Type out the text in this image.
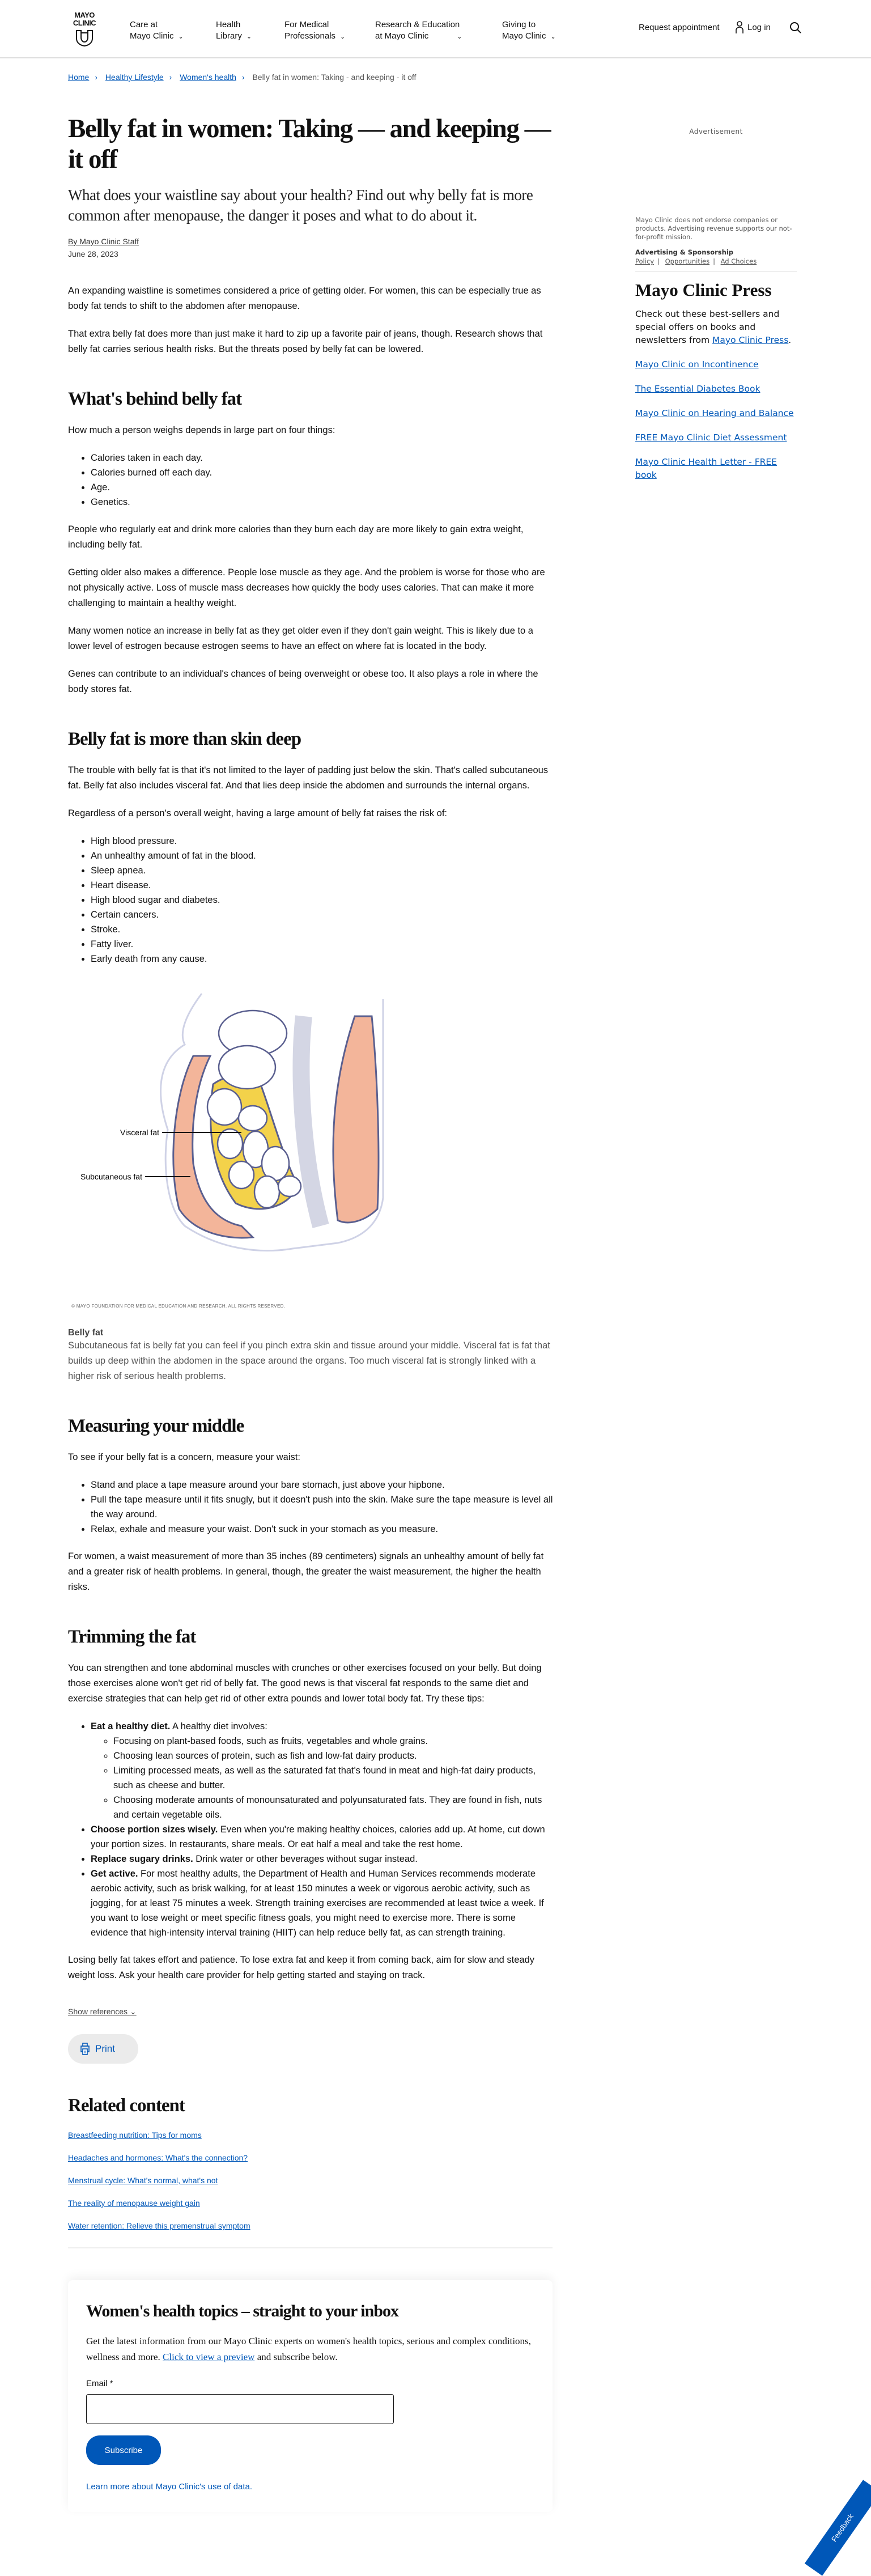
MAYO CLINIC	Care at
Mayo Clinic ⌄
Health
Library ⌄
For Medical
Professionals ⌄
Research & Education
at Mayo Clinic	⌄
Giving to
Mayo Clinic ⌄
Request appointment	Log in
Home › Healthy Lifestyle › Women's health › Belly fat in women: Taking - and keeping - it off
Belly fat in women: Taking — and keeping — it off
What does your waistline say about your health? Find out why belly fat is more common after menopause, the danger it poses and what to do about it.
By Mayo Clinic Staff
June 28, 2023

An expanding waistline is sometimes considered a price of getting older. For women, this can be especially true as body fat tends to shift to the abdomen after menopause.

That extra belly fat does more than just make it hard to zip up a favorite pair of jeans, though. Research shows that belly fat carries serious health risks. But the threats posed by belly fat can be lowered.

What's behind belly fat

How much a person weighs depends in large part on four things:

• Calories taken in each day.
• Calories burned off each day.
• Age.
• Genetics.

People who regularly eat and drink more calories than they burn each day are more likely to gain extra weight, including belly fat.

Getting older also makes a difference. People lose muscle as they age. And the problem is worse for those who are not physically active. Loss of muscle mass decreases how quickly the body uses calories. That can make it more challenging to maintain a healthy weight.

Many women notice an increase in belly fat as they get older even if they don't gain weight. This is likely due to a lower level of estrogen because estrogen seems to have an effect on where fat is located in the body.

Genes can contribute to an individual's chances of being overweight or obese too. It also plays a role in where the body stores fat.

Belly fat is more than skin deep

The trouble with belly fat is that it's not limited to the layer of padding just below the skin. That's called subcutaneous fat. Belly fat also includes visceral fat. And that lies deep inside the abdomen and surrounds the internal organs.

Regardless of a person's overall weight, having a large amount of belly fat raises the risk of:

• High blood pressure.
• An unhealthy amount of fat in the blood.
• Sleep apnea.
• Heart disease.
• High blood sugar and diabetes.
• Certain cancers.
• Stroke.
• Fatty liver.
• Early death from any cause.
Visceral fat
Subcutaneous fat
© MAYO FOUNDATION FOR MEDICAL EDUCATION AND RESEARCH. ALL RIGHTS RESERVED.
Belly fat

Subcutaneous fat is belly fat you can feel if you pinch extra skin and tissue around your middle. Visceral fat is fat that builds up deep within the abdomen in the space around the organs. Too much visceral fat is strongly linked with a higher risk of serious health problems.

Measuring your middle

To see if your belly fat is a concern, measure your waist:

• Stand and place a tape measure around your bare stomach, just above your hipbone.
• Pull the tape measure until it fits snugly, but it doesn't push into the skin. Make sure the tape measure is level all the way around.
• Relax, exhale and measure your waist. Don't suck in your stomach as you measure.

For women, a waist measurement of more than 35 inches (89 centimeters) signals an unhealthy amount of belly fat and a greater risk of health problems. In general, though, the greater the waist measurement, the higher the health risks.

Trimming the fat

You can strengthen and tone abdominal muscles with crunches or other exercises focused on your belly. But doing those exercises alone won't get rid of belly fat. The good news is that visceral fat responds to the same diet and exercise strategies that can help get rid of other extra pounds and lower total body fat. Try these tips:

• Eat a healthy diet. A healthy diet involves:
◦ Focusing on plant-based foods, such as fruits, vegetables and whole grains.
◦ Choosing lean sources of protein, such as fish and low-fat dairy products.
◦ Limiting processed meats, as well as the saturated fat that's found in meat and high-fat dairy products, such as cheese and butter.
◦ Choosing moderate amounts of monounsaturated and polyunsaturated fats. They are found in fish, nuts and certain vegetable oils.
• Choose portion sizes wisely. Even when you're making healthy choices, calories add up. At home, cut down your portion sizes. In restaurants, share meals. Or eat half a meal and take the rest home.
• Replace sugary drinks. Drink water or other beverages without sugar instead.
• Get active. For most healthy adults, the Department of Health and Human Services recommends moderate aerobic activity, such as brisk walking, for at least 150 minutes a week or vigorous aerobic activity, such as jogging, for at least 75 minutes a week. Strength training exercises are recommended at least twice a week. If you want to lose weight or meet specific fitness goals, you might need to exercise more. There is some evidence that high-intensity interval training (HIIT) can help reduce belly fat, as can strength training.

Losing belly fat takes effort and patience. To lose extra fat and keep it from coming back, aim for slow and steady weight loss. Ask your health care provider for help getting started and staying on track.

Show references ⌄
Print
Related content
Breastfeeding nutrition: Tips for moms
Headaches and hormones: What's the connection?
Menstrual cycle: What's normal, what's not
The reality of menopause weight gain
Water retention: Relieve this premenstrual symptom
Women's health topics – straight to your inbox
Get the latest information from our Mayo Clinic experts on women's health topics, serious and complex conditions, wellness and more. Click to view a preview and subscribe below.
Email *
Subscribe
Learn more about Mayo Clinic's use of data.
Advertisement
Mayo Clinic does not endorse companies or products. Advertising revenue supports our not-for-profit mission.
Advertising & Sponsorship
Policy | Opportunities | Ad Choices
Mayo Clinic Press
Check out these best-sellers and special offers on books and newsletters from Mayo Clinic Press.
Mayo Clinic on Incontinence
The Essential Diabetes Book
Mayo Clinic on Hearing and Balance
FREE Mayo Clinic Diet Assessment
Mayo Clinic Health Letter - FREE book
Feedback
